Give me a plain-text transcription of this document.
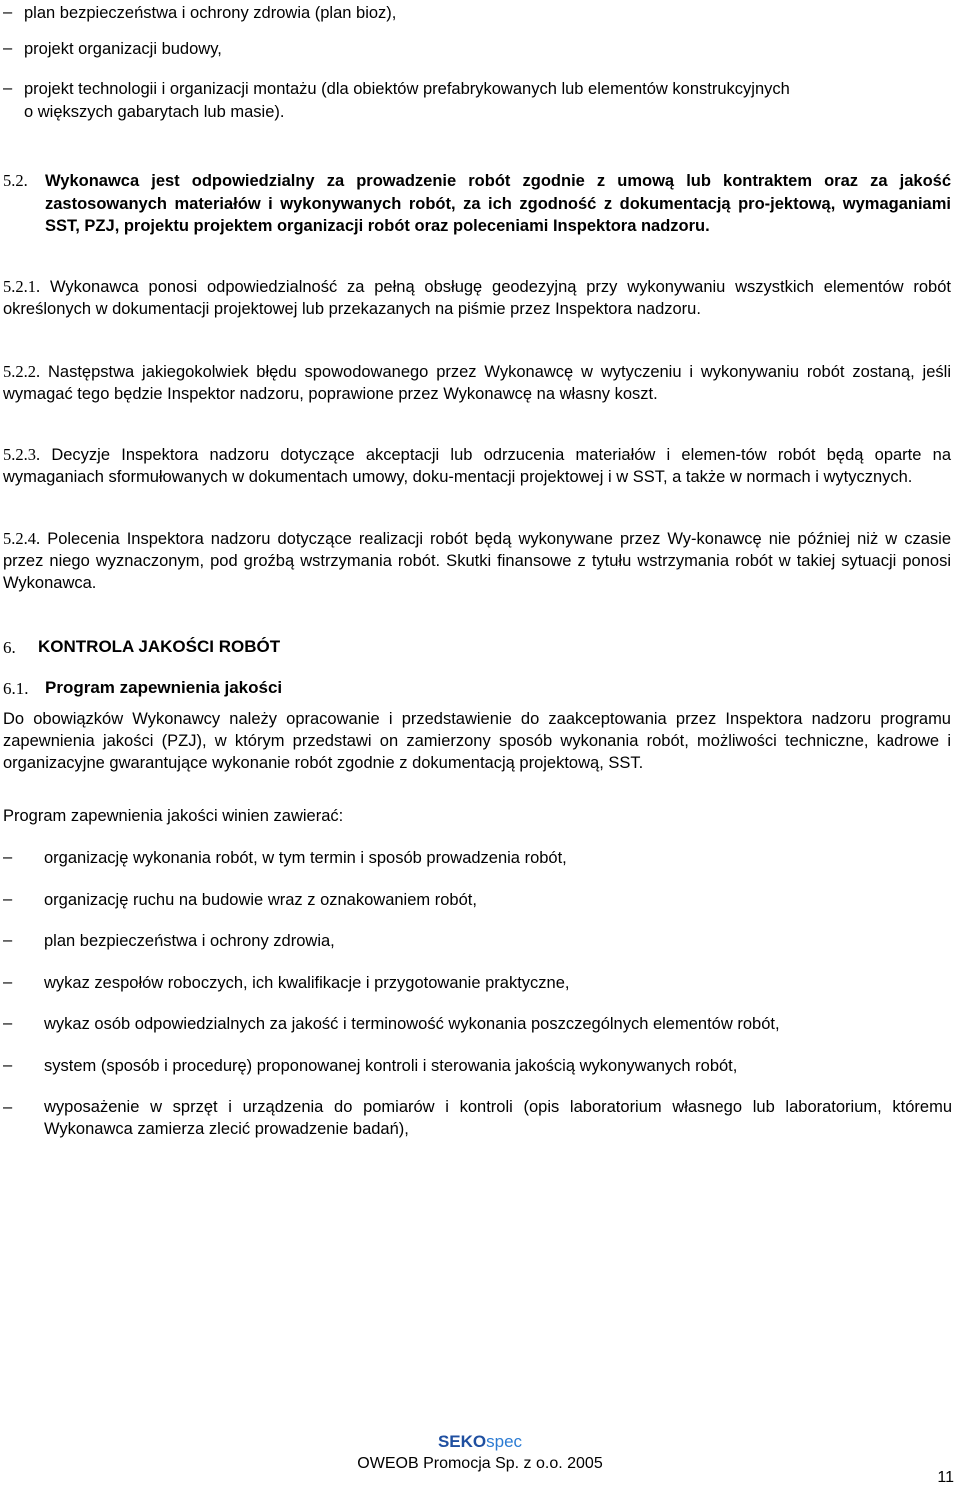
– plan bezpieczeństwa i ochrony zdrowia (plan bioz),
– projekt organizacji budowy,
– projekt technologii i organizacji montażu (dla obiektów prefabrykowanych lub elementów konstrukcyjnych
o większych gabarytach lub masie).
5.2. Wykonawca jest odpowiedzialny za prowadzenie robót zgodnie z umową lub kontraktem oraz za jakość zastosowanych materiałów i wykonywanych robót, za ich zgodność z dokumentacją pro-jektową, wymaganiami SST, PZJ, projektu projektem organizacji robót oraz poleceniami Inspektora nadzoru.
5.2.1. Wykonawca ponosi odpowiedzialność za pełną obsługę geodezyjną przy wykonywaniu wszystkich elementów robót określonych w dokumentacji projektowej lub przekazanych na piśmie przez Inspektora nadzoru.
5.2.2. Następstwa jakiegokolwiek błędu spowodowanego przez Wykonawcę w wytyczeniu i wykonywaniu robót zostaną, jeśli wymagać tego będzie Inspektor nadzoru, poprawione przez Wykonawcę na własny koszt.
5.2.3. Decyzje Inspektora nadzoru dotyczące akceptacji lub odrzucenia materiałów i elemen-tów robót będą oparte na wymaganiach sformułowanych w dokumentach umowy, doku-mentacji projektowej i w SST, a także w normach i wytycznych.
5.2.4. Polecenia Inspektora nadzoru dotyczące realizacji robót będą wykonywane przez Wy-konawcę nie później niż w czasie przez niego wyznaczonym, pod groźbą wstrzymania robót. Skutki finansowe z tytułu wstrzymania robót w takiej sytuacji ponosi Wykonawca.
6. KONTROLA JAKOŚCI ROBÓT
6.1. Program zapewnienia jakości
Do obowiązków Wykonawcy należy opracowanie i przedstawienie do zaakceptowania przez Inspektora nadzoru programu zapewnienia jakości (PZJ), w którym przedstawi on zamierzony sposób wykonania robót, możliwości techniczne, kadrowe i organizacyjne gwarantujące wykonanie robót zgodnie z dokumentacją projektową, SST.
Program zapewnienia jakości winien zawierać:
– organizację wykonania robót, w tym termin i sposób prowadzenia robót,
– organizację ruchu na budowie wraz z oznakowaniem robót,
– plan bezpieczeństwa i ochrony zdrowia,
– wykaz zespołów roboczych, ich kwalifikacje i przygotowanie praktyczne,
– wykaz osób odpowiedzialnych za jakość i terminowość wykonania poszczególnych elementów robót,
– system (sposób i procedurę) proponowanej kontroli i sterowania jakością wykonywanych robót,
– wyposażenie w sprzęt i urządzenia do pomiarów i kontroli (opis laboratorium własnego lub laboratorium, któremu Wykonawca zamierza zlecić prowadzenie badań),
SEKOspec
OWEOB Promocja Sp. z o.o. 2005
11
